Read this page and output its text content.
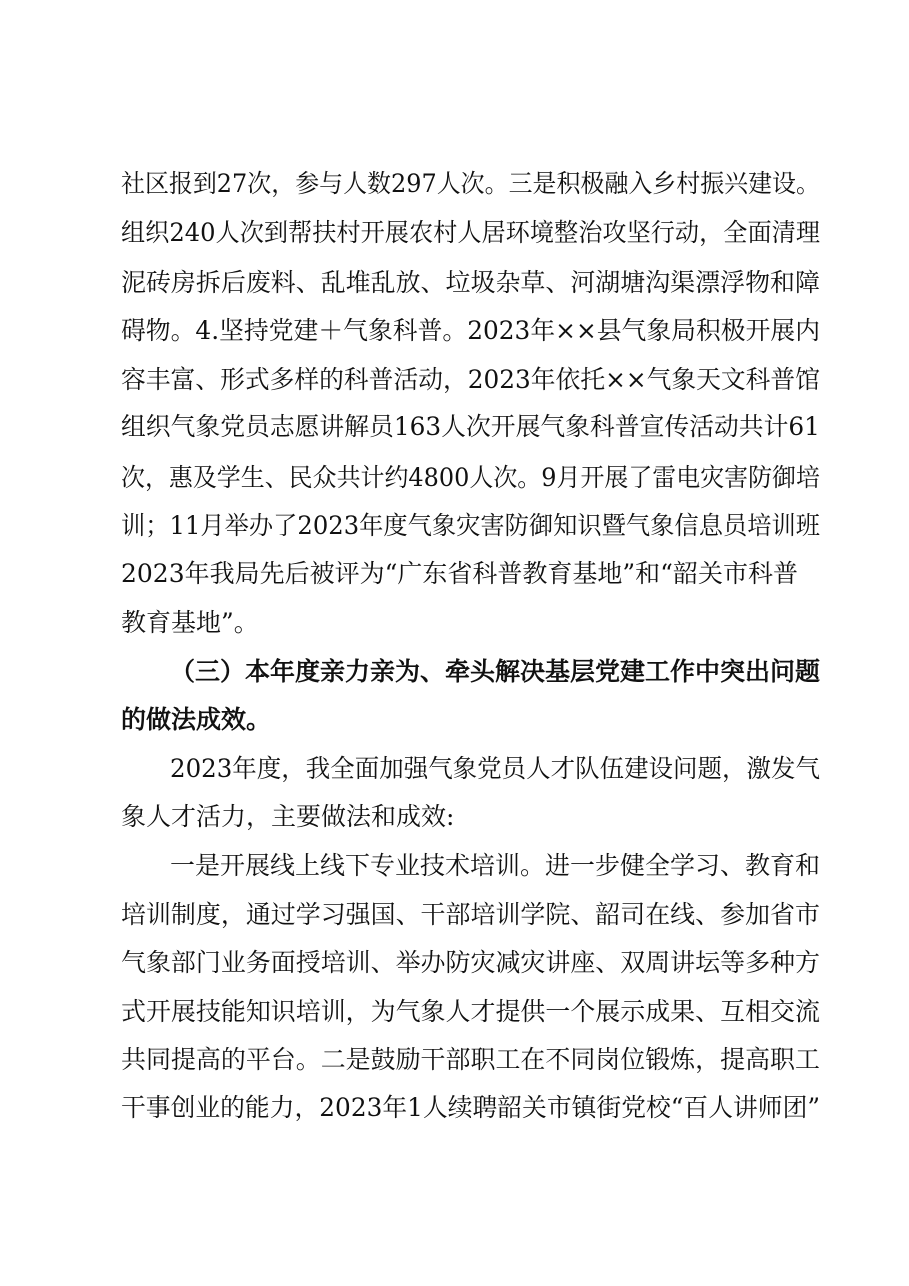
社区报到27次，参与人数297人次。三是积极融入乡村振兴建设。
组织240人次到帮扶村开展农村人居环境整治攻坚行动，全面清理
泥砖房拆后废料、乱堆乱放、垃圾杂草、河湖塘沟渠漂浮物和障
碍物。4.坚持党建＋气象科普。2023年××县气象局积极开展内
容丰富、形式多样的科普活动，2023年依托××气象天文科普馆
组织气象党员志愿讲解员163人次开展气象科普宣传活动共计61
次，惠及学生、民众共计约4800人次。9月开展了雷电灾害防御培
训；11月举办了2023年度气象灾害防御知识暨气象信息员培训班
2023年我局先后被评为“广东省科普教育基地”和“韶关市科普
教育基地”。
（三）本年度亲力亲为、牵头解决基层党建工作中突出问题
的做法成效。
2023年度，我全面加强气象党员人才队伍建设问题，激发气
象人才活力，主要做法和成效:
一是开展线上线下专业技术培训。进一步健全学习、教育和
培训制度，通过学习强国、干部培训学院、韶司在线、参加省市
气象部门业务面授培训、举办防灾减灾讲座、双周讲坛等多种方
式开展技能知识培训，为气象人才提供一个展示成果、互相交流
共同提高的平台。二是鼓励干部职工在不同岗位锻炼，提高职工
干事创业的能力，2023年1人续聘韶关市镇街党校“百人讲师团”
